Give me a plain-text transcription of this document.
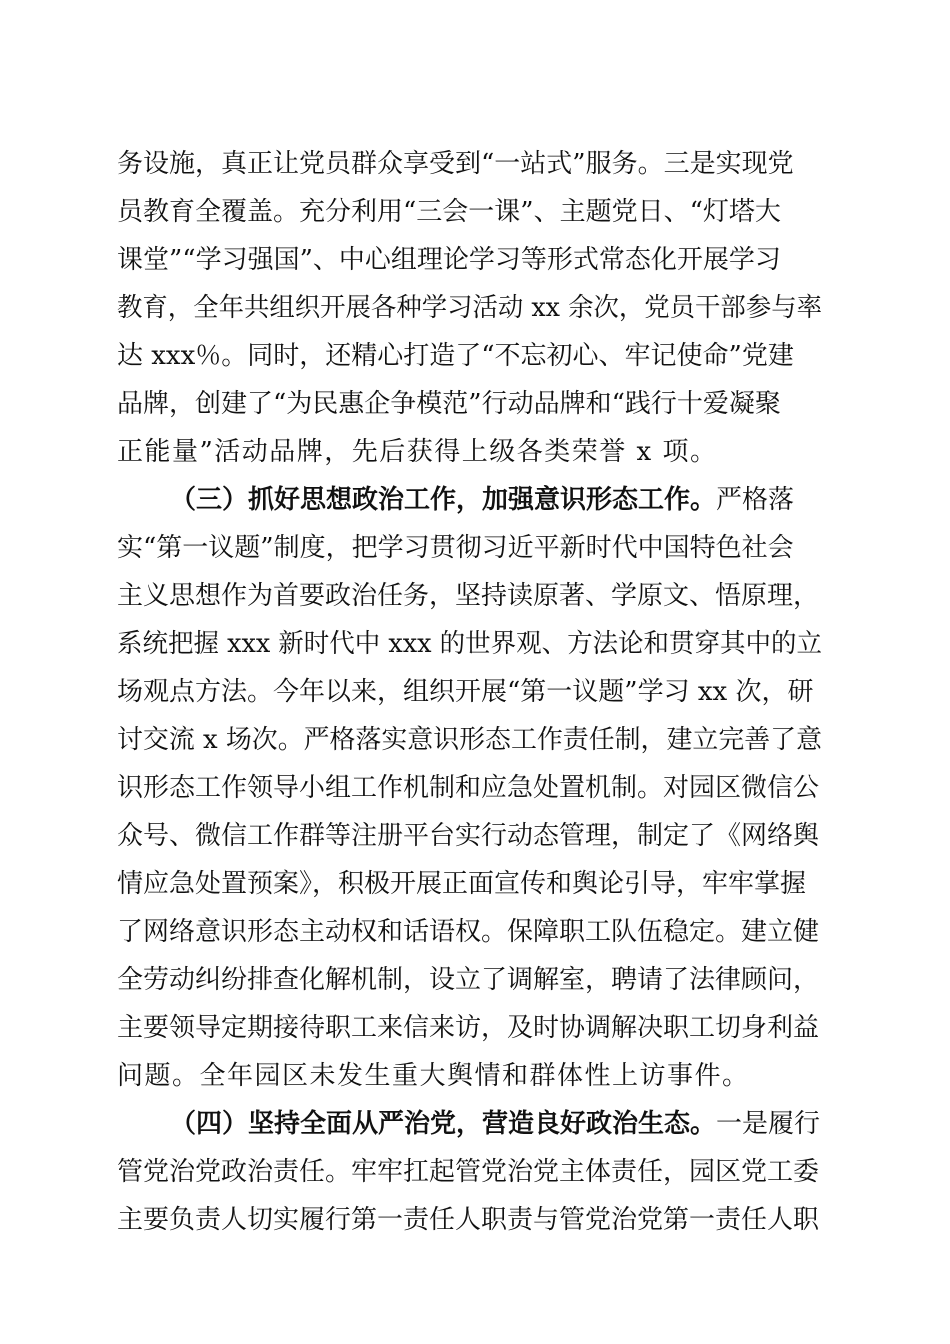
务设施，真正让党员群众享受到“一站式”服务。三是实现党
员教育全覆盖。充分利用“三会一课”、主题党日、“灯塔大
课堂”“学习强国”、中心组理论学习等形式常态化开展学习
教育，全年共组织开展各种学习活动 xx 余次，党员干部参与率
达 xxx％。同时，还精心打造了“不忘初心、牢记使命”党建
品牌，创建了“为民惠企争模范”行动品牌和“践行十爱凝聚
正能量”活动品牌，先后获得上级各类荣誉 x 项。
（三）抓好思想政治工作，加强意识形态工作。严格落
实“第一议题”制度，把学习贯彻习近平新时代中国特色社会
主义思想作为首要政治任务，坚持读原著、学原文、悟原理，
系统把握 xxx 新时代中 xxx 的世界观、方法论和贯穿其中的立
场观点方法。今年以来，组织开展“第一议题”学习 xx 次，研
讨交流 x 场次。严格落实意识形态工作责任制，建立完善了意
识形态工作领导小组工作机制和应急处置机制。对园区微信公
众号、微信工作群等注册平台实行动态管理，制定了《网络舆
情应急处置预案》，积极开展正面宣传和舆论引导，牢牢掌握
了网络意识形态主动权和话语权。保障职工队伍稳定。建立健
全劳动纠纷排查化解机制，设立了调解室，聘请了法律顾问，
主要领导定期接待职工来信来访，及时协调解决职工切身利益
问题。全年园区未发生重大舆情和群体性上访事件。
（四）坚持全面从严治党，营造良好政治生态。一是履行
管党治党政治责任。牢牢扛起管党治党主体责任，园区党工委
主要负责人切实履行第一责任人职责与管党治党第一责任人职
